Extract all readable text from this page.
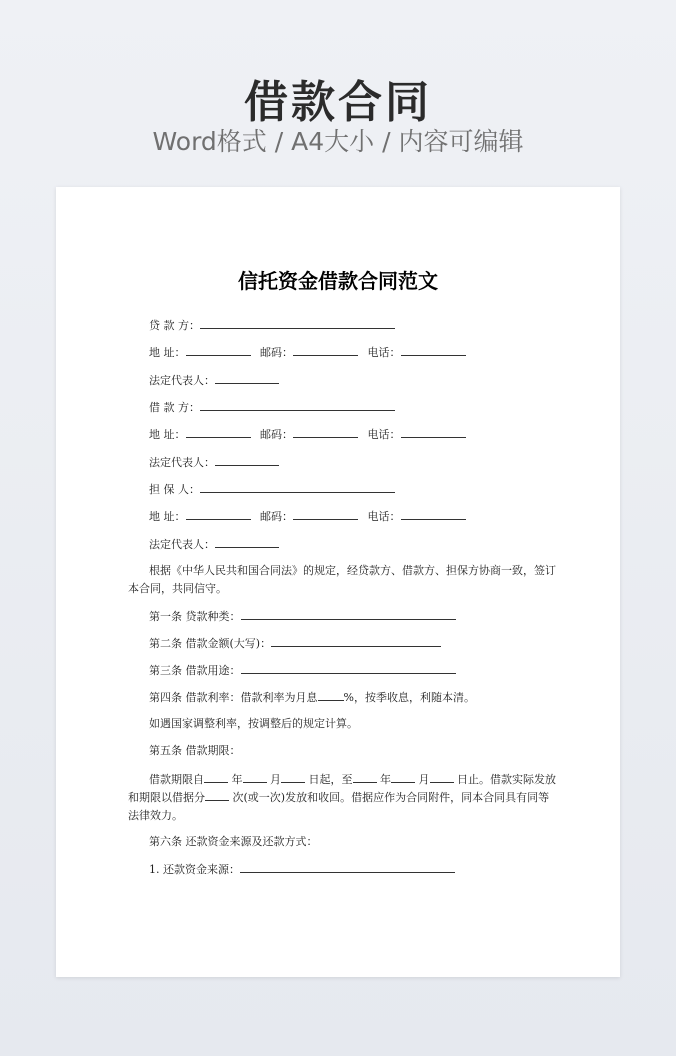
借款合同
Word格式 / A4大小 / 内容可编辑
信托资金借款合同范文
贷 款 方：
地 址：	邮码：	电话：
法定代表人：
借 款 方：
地 址：	邮码：	电话：
法定代表人：
担 保 人：
地 址：	邮码：	电话：
法定代表人：
根据《中华人民共和国合同法》的规定，经贷款方、借款方、担保方协商一致，签订本合同，共同信守。
第一条 贷款种类：
第二条 借款金额(大写)：
第三条 借款用途：
第四条 借款利率：借款利率为月息 %，按季收息，利随本清。
如遇国家调整利率，按调整后的规定计算。
第五条 借款期限：
借款期限自	年	月	日起，至	年	月	日止。借款实际发放和期限以借据分	次(或一次)发放和收回。借据应作为合同附件，同本合同具有同等法律效力。
第六条 还款资金来源及还款方式：
1. 还款资金来源：
